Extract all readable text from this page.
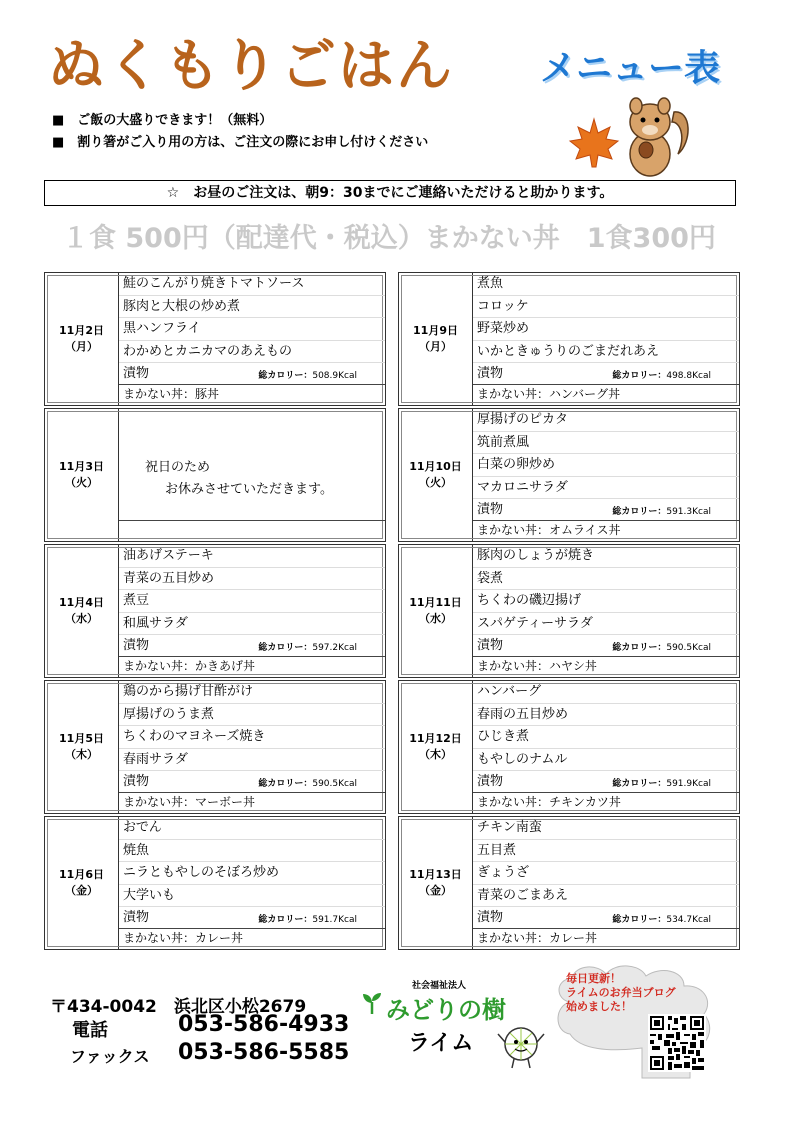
ぬくもりごはん メニュー表
■　ご飯の大盛りできます！（無料）
■　割り箸がご入り用の方は、ご注文の際にお申し付けください
☆　お昼のご注文は、朝9：30までにご連絡いただけると助かります。
１食 500円（配達代・税込）まかない丼　1食300円
11月2日
（月）
鮭のこんがり焼きトマトソース
豚肉と大根の炒め煮
黒ハンフライ
わかめとカニカマのあえもの
漬物	総カロリー：508.9Kcal
まかない丼：豚丼
11月3日
（火）
祝日のため
お休みさせていただきます。
11月4日
（水）
油あげステーキ
青菜の五目炒め
煮豆
和風サラダ
漬物	総カロリー：597.2Kcal
まかない丼：かきあげ丼
11月5日
（木）
鶏のから揚げ甘酢がけ
厚揚げのうま煮
ちくわのマヨネーズ焼き
春雨サラダ
漬物	総カロリー：590.5Kcal
まかない丼：マーボー丼
11月6日
（金）
おでん
焼魚
ニラともやしのそぼろ炒め
大学いも
漬物	総カロリー：591.7Kcal
まかない丼：カレー丼
11月9日
（月）
煮魚
コロッケ
野菜炒め
いかときゅうりのごまだれあえ
漬物	総カロリー：498.8Kcal
まかない丼：ハンバーグ丼
11月10日
（火）
厚揚げのピカタ
筑前煮風
白菜の卵炒め
マカロニサラダ
漬物	総カロリー：591.3Kcal
まかない丼：オムライス丼
11月11日
（水）
豚肉のしょうが焼き
袋煮
ちくわの磯辺揚げ
スパゲティーサラダ
漬物	総カロリー：590.5Kcal
まかない丼：ハヤシ丼
11月12日
（木）
ハンバーグ
春雨の五目炒め
ひじき煮
もやしのナムル
漬物	総カロリー：591.9Kcal
まかない丼：チキンカツ丼
11月13日
（金）
チキン南蛮
五目煮
ぎょうざ
青菜のごまあえ
漬物	総カロリー：534.7Kcal
まかない丼：カレー丼
〒434-0042　浜北区小松2679
電話	053-586-4933
ファックス 053-586-5585
社会福祉法人
みどりの樹
ライム
毎日更新！
ライムのお弁当ブログ
始めました！
